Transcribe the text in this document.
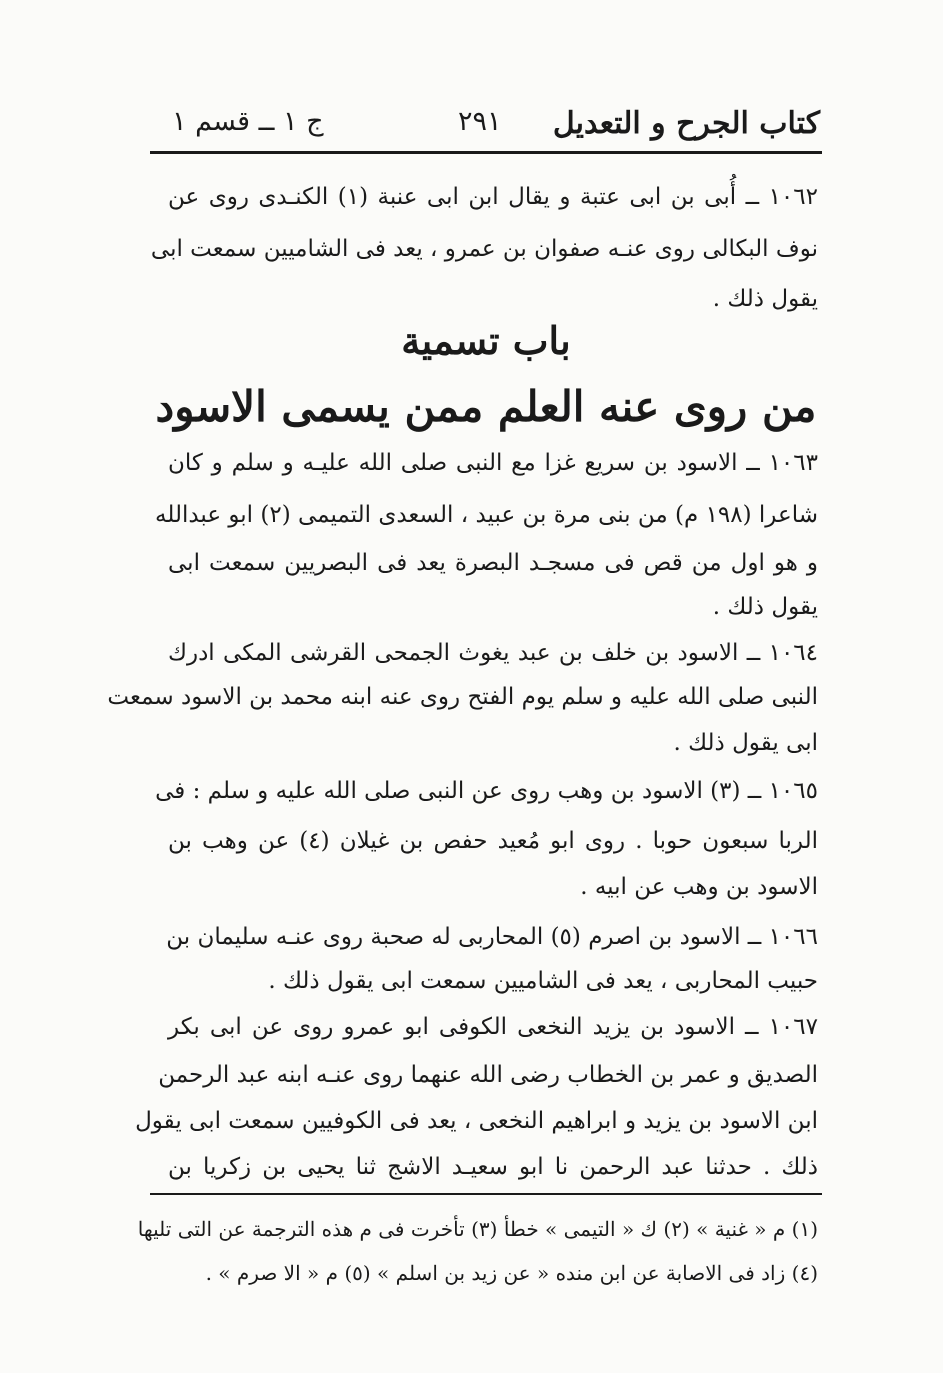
كتاب الجرح و التعديل
٢٩١
ج ١ ــ قسم ١
١٠٦٢ ــ أُبى بن ابى عتبة و يقال ابن ابى عنبة (١) الكنـدى روى عن
نوف البكالى روى عنـه صفوان بن عمرو ، يعد فى الشاميين سمعت ابى
يقول ذلك .
باب تسمية
من روى عنه العلم ممن يسمى الاسود
١٠٦٣ ــ الاسود بن سريع غزا مع النبى صلى الله عليـه و سلم و كان
شاعرا (١٩٨ م) من بنى مرة بن عبيد ، السعدى التميمى (٢) ابو عبدالله
و هو اول من قص فى مسجـد البصرة يعد فى البصريين سمعت ابى
يقول ذلك .
١٠٦٤ ــ الاسود بن خلف بن عبد يغوث الجمحى القرشى المكى ادرك
النبى صلى الله عليه و سلم يوم الفتح روى عنه ابنه محمد بن الاسود سمعت
ابى يقول ذلك .
١٠٦٥ ــ (٣) الاسود بن وهب روى عن النبى صلى الله عليه و سلم : فى
الربا سبعون حوبا . روى ابو مُعيد حفص بن غيلان (٤) عن وهب بن
الاسود بن وهب عن ابيه .
١٠٦٦ ــ الاسود بن اصرم (٥) المحاربى له صحبة روى عنـه سليمان بن
حبيب المحاربى ، يعد فى الشاميين سمعت ابى يقول ذلك .
١٠٦٧ ــ الاسود بن يزيد النخعى الكوفى ابو عمرو روى عن ابى بكر
الصديق و عمر بن الخطاب رضى الله عنهما روى عنـه ابنه عبد الرحمن
ابن الاسود بن يزيد و ابراهيم النخعى ، يعد فى الكوفيين سمعت ابى يقول
ذلك . حدثنا عبد الرحمن نا ابو سعيـد الاشج ثنا يحيى بن زكريا بن
(١) م « غنية » (٢) ك « التيمى » خطأ (٣) تأخرت فى م هذه الترجمة عن التى تليها
(٤) زاد فى الاصابة عن ابن منده « عن زيد بن اسلم » (٥) م « الا صرم » .
